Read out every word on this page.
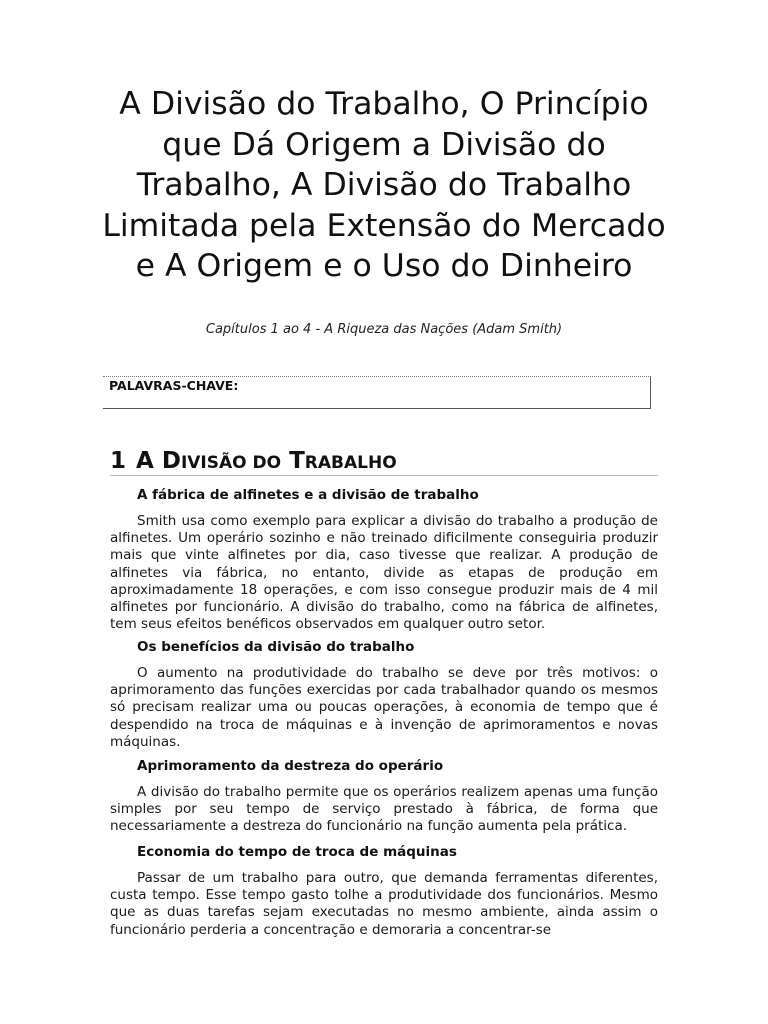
A Divisão do Trabalho, O Princípio que Dá Origem a Divisão do Trabalho, A Divisão do Trabalho Limitada pela Extensão do Mercado e A Origem e o Uso do Dinheiro
Capítulos 1 ao 4 - A Riqueza das Nações (Adam Smith)
PALAVRAS-CHAVE:
1 A DIVISÃO DO TRABALHO
A fábrica de alfinetes e a divisão de trabalho

Smith usa como exemplo para explicar a divisão do trabalho a produção de alfinetes. Um operário sozinho e não treinado dificilmente conseguiria produzir mais que vinte alfinetes por dia, caso tivesse que realizar. A produção de alfinetes via fábrica, no entanto, divide as etapas de produção em aproximadamente 18 operações, e com isso consegue produzir mais de 4 mil alfinetes por funcionário. A divisão do trabalho, como na fábrica de alfinetes, tem seus efeitos benéficos observados em qualquer outro setor.

Os benefícios da divisão do trabalho

O aumento na produtividade do trabalho se deve por três motivos: o aprimoramento das funções exercidas por cada trabalhador quando os mesmos só precisam realizar uma ou poucas operações, à economia de tempo que é despendido na troca de máquinas e à invenção de aprimoramentos e novas máquinas.

Aprimoramento da destreza do operário

A divisão do trabalho permite que os operários realizem apenas uma função simples por seu tempo de serviço prestado à fábrica, de forma que necessariamente a destreza do funcionário na função aumenta pela prática.

Economia do tempo de troca de máquinas

Passar de um trabalho para outro, que demanda ferramentas diferentes, custa tempo. Esse tempo gasto tolhe a produtividade dos funcionários. Mesmo que as duas tarefas sejam executadas no mesmo ambiente, ainda assim o funcionário perderia a concentração e demoraria a concentrar-se
